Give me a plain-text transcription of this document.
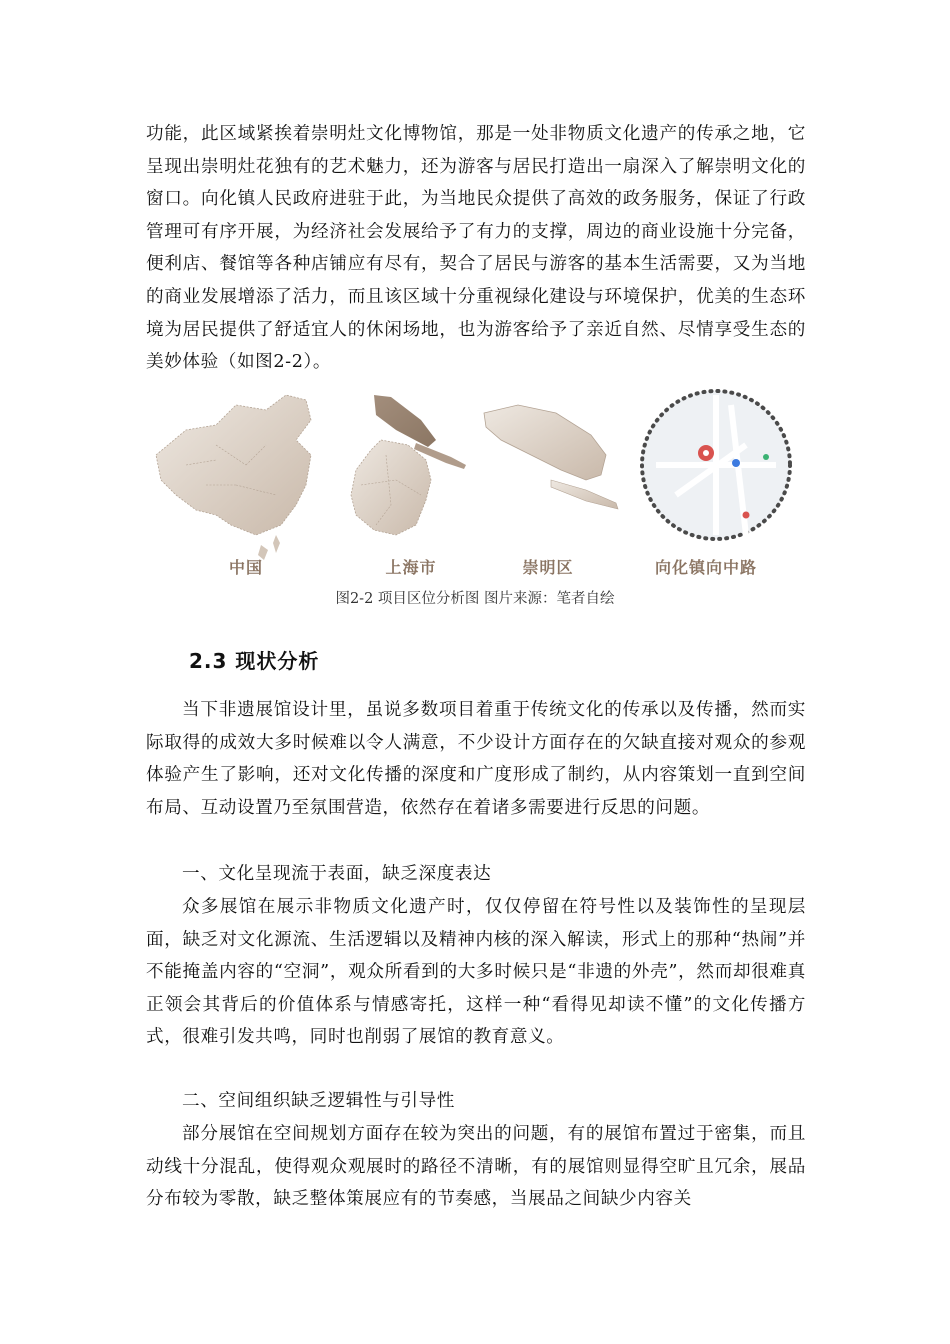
功能，此区域紧挨着崇明灶文化博物馆，那是一处非物质文化遗产的传承之地，它呈现出崇明灶花独有的艺术魅力，还为游客与居民打造出一扇深入了解崇明文化的窗口。向化镇人民政府进驻于此，为当地民众提供了高效的政务服务，保证了行政管理可有序开展，为经济社会发展给予了有力的支撑，周边的商业设施十分完备，便利店、餐馆等各种店铺应有尽有，契合了居民与游客的基本生活需要，又为当地的商业发展增添了活力，而且该区域十分重视绿化建设与环境保护，优美的生态环境为居民提供了舒适宜人的休闲场地，也为游客给予了亲近自然、尽情享受生态的美妙体验（如图2-2）。

中国	上海市	崇明区	向化镇向中路

图2-2 项目区位分析图 图片来源：笔者自绘

2.3 现状分析

当下非遗展馆设计里，虽说多数项目着重于传统文化的传承以及传播，然而实际取得的成效大多时候难以令人满意，不少设计方面存在的欠缺直接对观众的参观体验产生了影响，还对文化传播的深度和广度形成了制约，从内容策划一直到空间布局、互动设置乃至氛围营造，依然存在着诸多需要进行反思的问题。

一、文化呈现流于表面，缺乏深度表达

众多展馆在展示非物质文化遗产时，仅仅停留在符号性以及装饰性的呈现层面，缺乏对文化源流、生活逻辑以及精神内核的深入解读，形式上的那种“热闹”并不能掩盖内容的“空洞”，观众所看到的大多时候只是“非遗的外壳”，然而却很难真正领会其背后的价值体系与情感寄托，这样一种“看得见却读不懂”的文化传播方式，很难引发共鸣，同时也削弱了展馆的教育意义。

二、空间组织缺乏逻辑性与引导性

部分展馆在空间规划方面存在较为突出的问题，有的展馆布置过于密集，而且动线十分混乱，使得观众观展时的路径不清晰，有的展馆则显得空旷且冗余，展品分布较为零散，缺乏整体策展应有的节奏感，当展品之间缺少内容关
